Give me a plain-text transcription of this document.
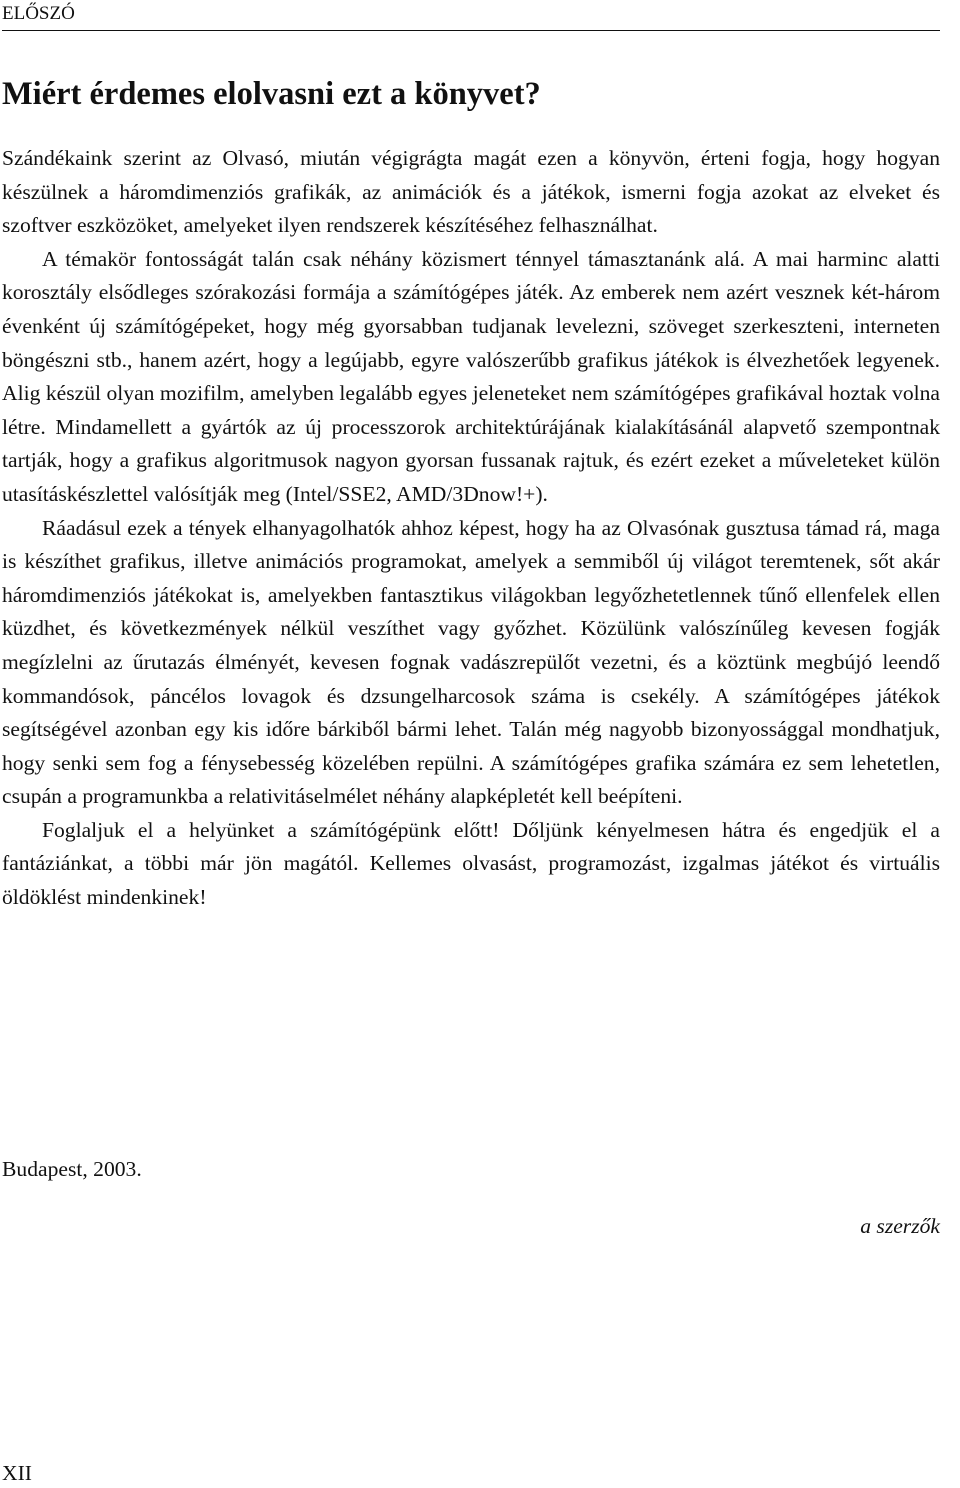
ELŐSZÓ
Miért érdemes elolvasni ezt a könyvet?

Szándékaink szerint az Olvasó, miután végigrágta magát ezen a könyvön, érteni fogja, hogy hogyan készülnek a háromdimenziós grafikák, az animációk és a játékok, ismerni fogja azokat az elveket és szoftver eszközöket, amelyeket ilyen rendszerek készítéséhez felhasználhat.

A témakör fontosságát talán csak néhány közismert ténnyel támasztanánk alá. A mai harminc alatti korosztály elsődleges szórakozási formája a számítógépes játék. Az emberek nem azért vesznek két-három évenként új számítógépeket, hogy még gyorsabban tudjanak levelezni, szöveget szerkeszteni, interneten böngészni stb., hanem azért, hogy a legújabb, egyre valószerűbb grafikus játékok is élvezhetőek legyenek. Alig készül olyan mozifilm, amelyben legalább egyes jeleneteket nem számítógépes grafikával hoztak volna létre. Mindamellett a gyártók az új processzorok architektúrájának kialakításánál alapvető szempontnak tartják, hogy a grafikus algoritmusok nagyon gyorsan fussanak rajtuk, és ezért ezeket a műveleteket külön utasításkészlettel valósítják meg (Intel/SSE2, AMD/3Dnow!+).

Ráadásul ezek a tények elhanyagolhatók ahhoz képest, hogy ha az Olvasónak gusztusa támad rá, maga is készíthet grafikus, illetve animációs programokat, amelyek a semmiből új világot teremtenek, sőt akár háromdimenziós játékokat is, amelyekben fantasztikus világokban legyőzhetetlennek tűnő ellenfelek ellen küzdhet, és következmények nélkül veszíthet vagy győzhet. Közülünk valószínűleg kevesen fogják megízlelni az űrutazás élményét, kevesen fognak vadászrepülőt vezetni, és a köztünk megbújó leendő kommandósok, páncélos lovagok és dzsungelharcosok száma is csekély. A számítógépes játékok segítségével azonban egy kis időre bárkiből bármi lehet. Talán még nagyobb bizonyossággal mondhatjuk, hogy senki sem fog a fénysebesség közelében repülni. A számítógépes grafika számára ez sem lehetetlen, csupán a programunkba a relativitáselmélet néhány alapképletét kell beépíteni.

Foglaljuk el a helyünket a számítógépünk előtt! Dőljünk kényelmesen hátra és engedjük el a fantáziánkat, a többi már jön magától. Kellemes olvasást, programozást, izgalmas játékot és virtuális öldöklést mindenkinek!

Budapest, 2003.
a szerzők
XII
